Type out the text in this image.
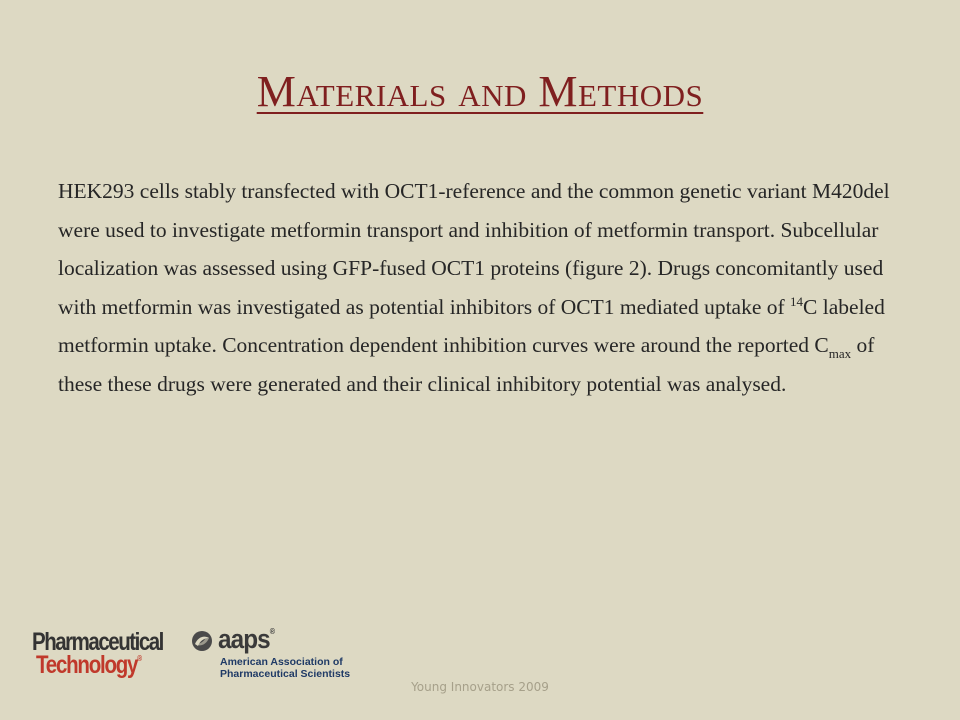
Materials and Methods

HEK293 cells stably transfected with OCT1-reference and the common genetic variant M420del were used to investigate metformin transport and inhibition of metformin transport. Subcellular localization was assessed using GFP-fused OCT1 proteins (figure 2). Drugs concomitantly used with metformin was investigated as potential inhibitors of OCT1 mediated uptake of $^{14}$C labeled metformin uptake. Concentration dependent inhibition curves were around the reported $C_{max}$ of these these drugs were generated and their clinical inhibitory potential was analysed.

Pharmaceutical
Technology®
aaps®
American Association of
Pharmaceutical Scientists
Young Innovators 2009
